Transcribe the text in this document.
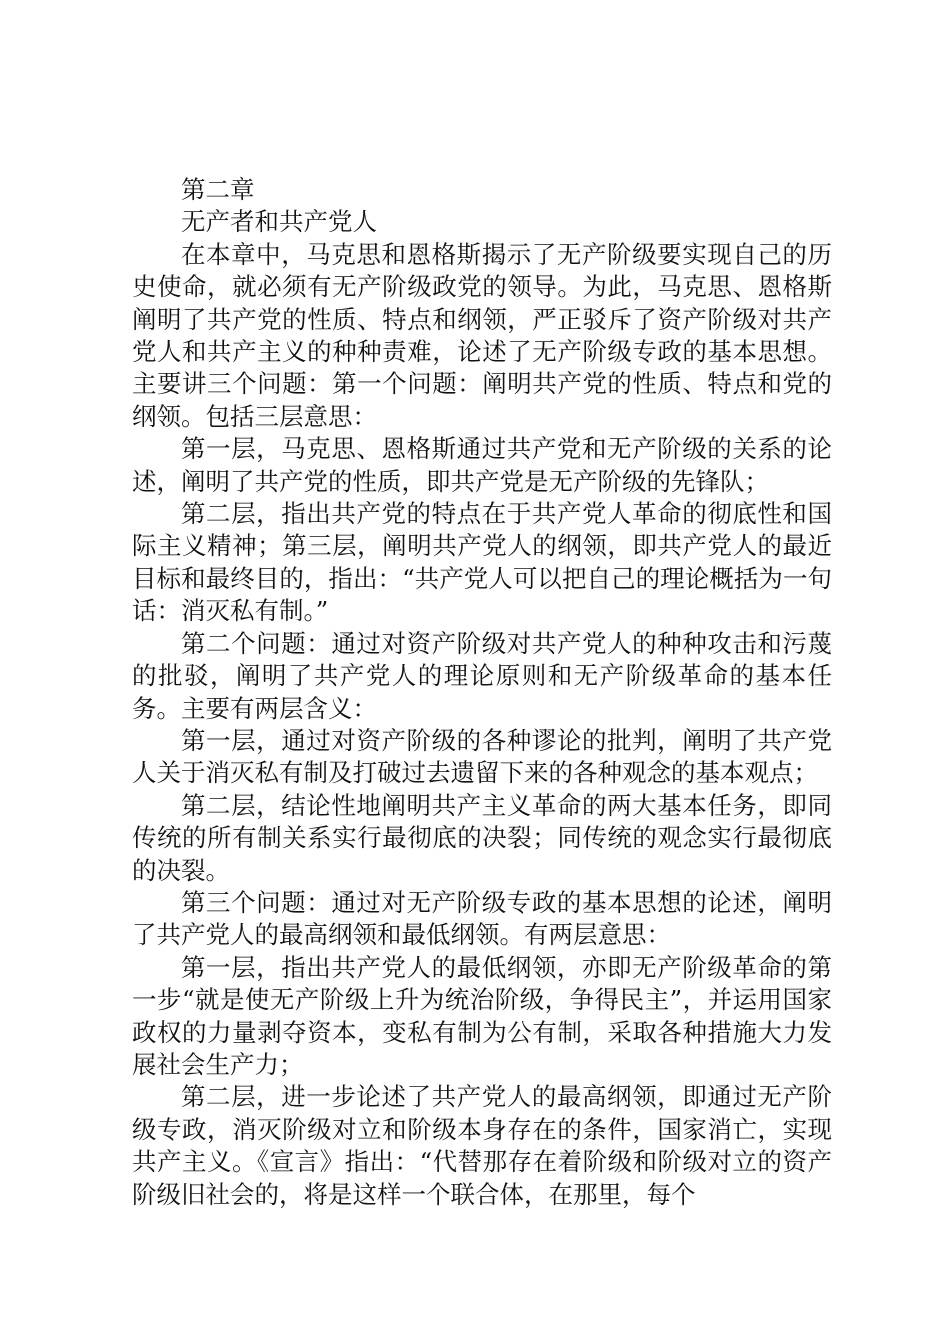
第二章

无产者和共产党人

在本章中，马克思和恩格斯揭示了无产阶级要实现自己的历史使命，就必须有无产阶级政党的领导。为此，马克思、恩格斯阐明了共产党的性质、特点和纲领，严正驳斥了资产阶级对共产党人和共产主义的种种责难，论述了无产阶级专政的基本思想。主要讲三个问题：第一个问题：阐明共产党的性质、特点和党的纲领。包括三层意思：

第一层，马克思、恩格斯通过共产党和无产阶级的关系的论述，阐明了共产党的性质，即共产党是无产阶级的先锋队；

第二层，指出共产党的特点在于共产党人革命的彻底性和国际主义精神；第三层，阐明共产党人的纲领，即共产党人的最近目标和最终目的，指出：“共产党人可以把自己的理论概括为一句话：消灭私有制。”

第二个问题：通过对资产阶级对共产党人的种种攻击和污蔑的批驳，阐明了共产党人的理论原则和无产阶级革命的基本任务。主要有两层含义：

第一层，通过对资产阶级的各种谬论的批判，阐明了共产党人关于消灭私有制及打破过去遗留下来的各种观念的基本观点；

第二层，结论性地阐明共产主义革命的两大基本任务，即同传统的所有制关系实行最彻底的决裂；同传统的观念实行最彻底的决裂。

第三个问题：通过对无产阶级专政的基本思想的论述，阐明了共产党人的最高纲领和最低纲领。有两层意思：

第一层，指出共产党人的最低纲领，亦即无产阶级革命的第一步“就是使无产阶级上升为统治阶级，争得民主”，并运用国家政权的力量剥夺资本，变私有制为公有制，采取各种措施大力发展社会生产力；

第二层，进一步论述了共产党人的最高纲领，即通过无产阶级专政，消灭阶级对立和阶级本身存在的条件，国家消亡，实现共产主义。《宣言》指出：“代替那存在着阶级和阶级对立的资产阶级旧社会的，将是这样一个联合体，在那里，每个
